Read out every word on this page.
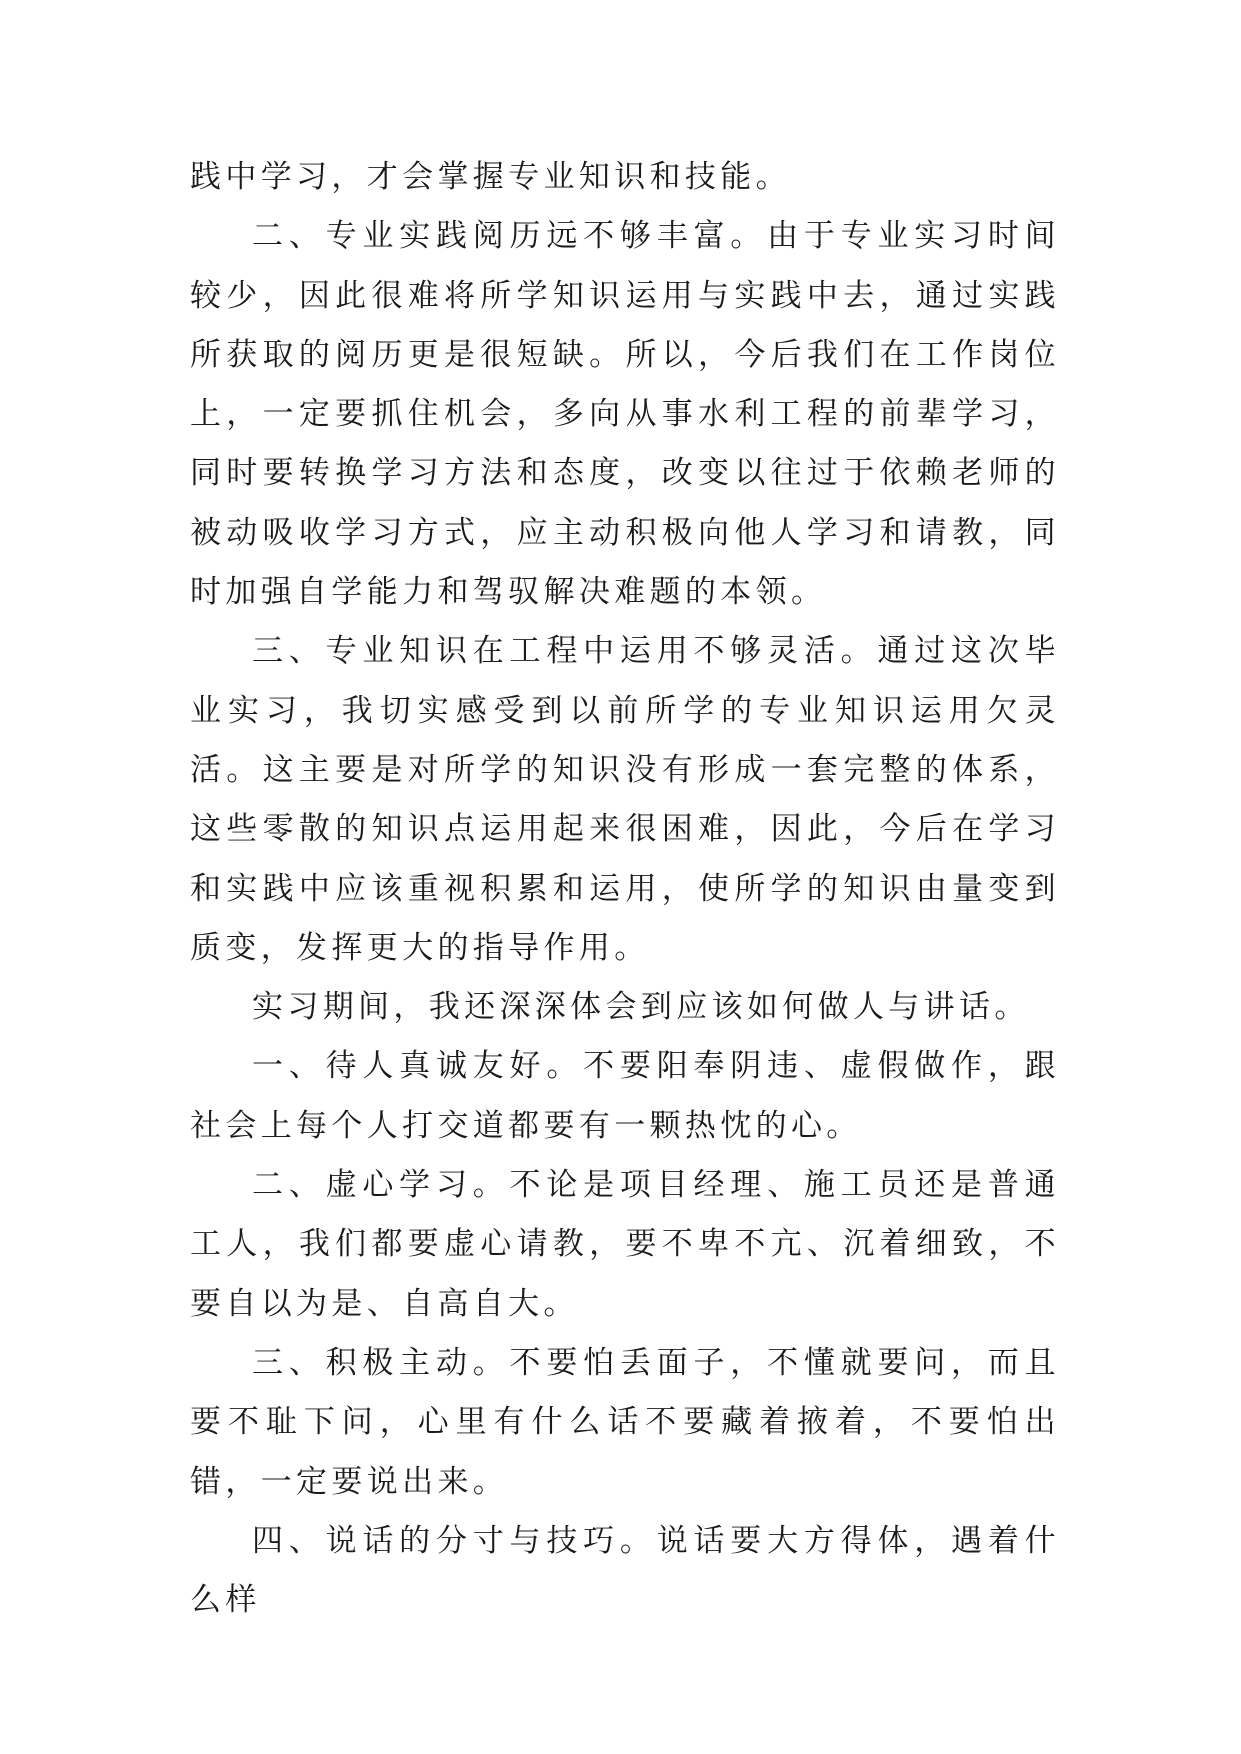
践中学习，才会掌握专业知识和技能。

二、专业实践阅历远不够丰富。由于专业实习时间较少，因此很难将所学知识运用与实践中去，通过实践所获取的阅历更是很短缺。所以，今后我们在工作岗位上，一定要抓住机会，多向从事水利工程的前辈学习，同时要转换学习方法和态度，改变以往过于依赖老师的被动吸收学习方式，应主动积极向他人学习和请教，同时加强自学能力和驾驭解决难题的本领。

三、专业知识在工程中运用不够灵活。通过这次毕业实习，我切实感受到以前所学的专业知识运用欠灵活。这主要是对所学的知识没有形成一套完整的体系，这些零散的知识点运用起来很困难，因此，今后在学习和实践中应该重视积累和运用，使所学的知识由量变到质变，发挥更大的指导作用。

实习期间，我还深深体会到应该如何做人与讲话。

一、待人真诚友好。不要阳奉阴违、虚假做作，跟社会上每个人打交道都要有一颗热忱的心。

二、虚心学习。不论是项目经理、施工员还是普通工人，我们都要虚心请教，要不卑不亢、沉着细致，不要自以为是、自高自大。

三、积极主动。不要怕丢面子，不懂就要问，而且要不耻下问，心里有什么话不要藏着掖着，不要怕出错，一定要说出来。

四、说话的分寸与技巧。说话要大方得体，遇着什么样
